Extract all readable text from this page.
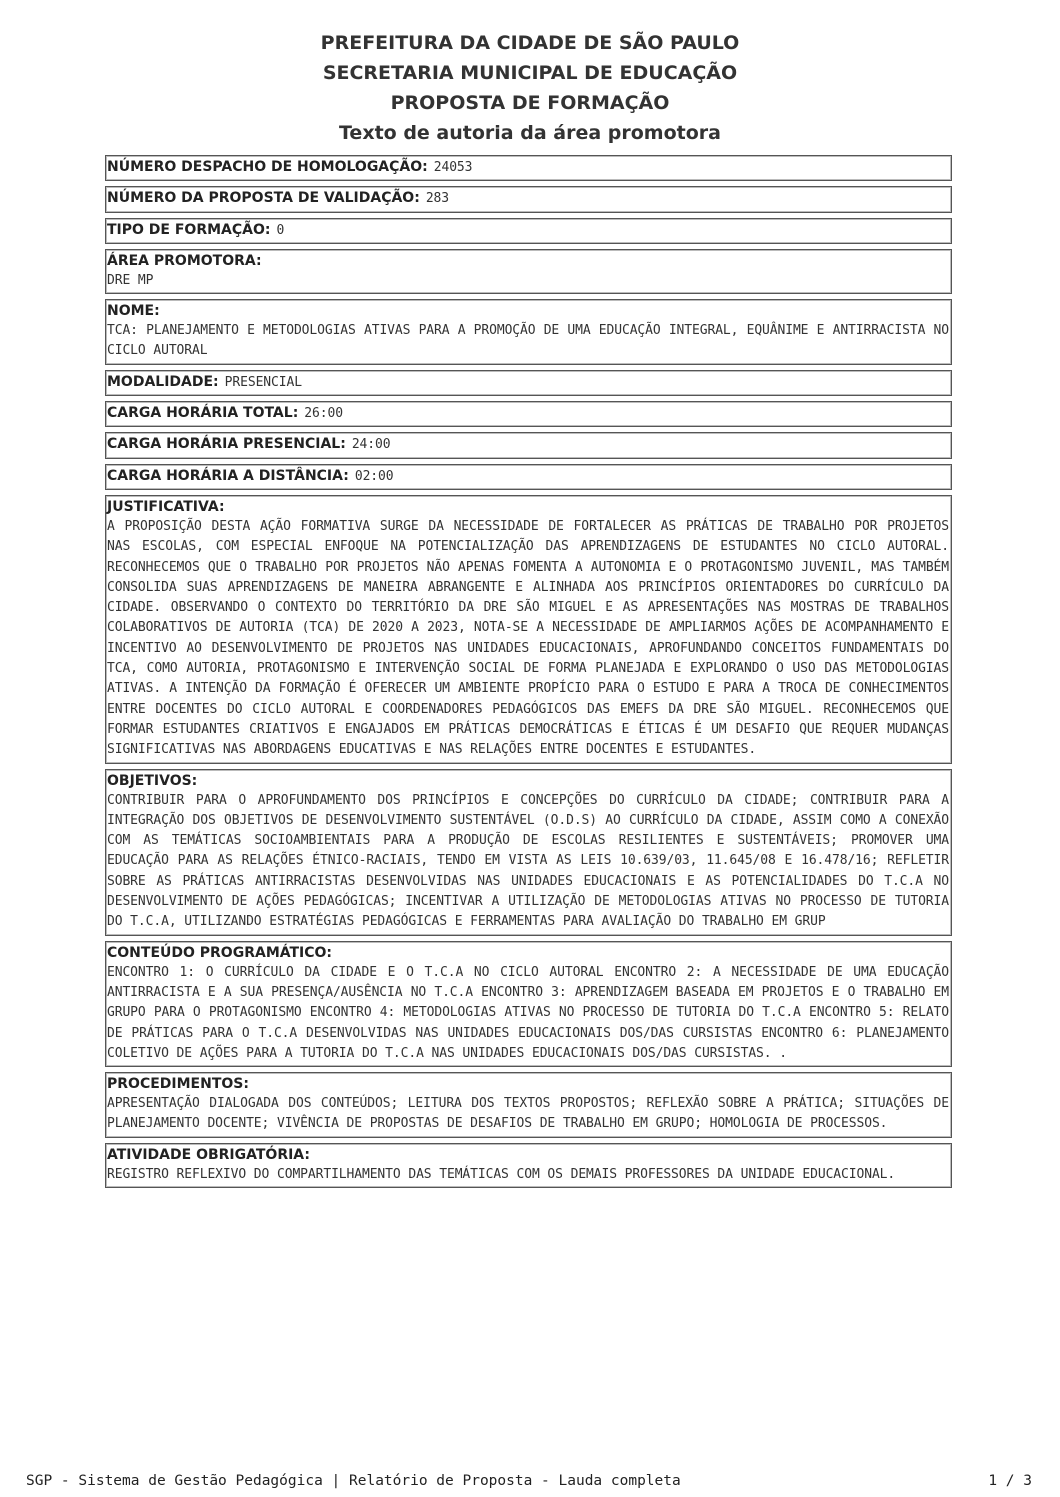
PREFEITURA DA CIDADE DE SÃO PAULO
SECRETARIA MUNICIPAL DE EDUCAÇÃO
PROPOSTA DE FORMAÇÃO
Texto de autoria da área promotora
NÚMERO DESPACHO DE HOMOLOGAÇÃO: 24053
NÚMERO DA PROPOSTA DE VALIDAÇÃO: 283
TIPO DE FORMAÇÃO: 0
ÁREA PROMOTORA:
DRE MP
NOME:
TCA: PLANEJAMENTO E METODOLOGIAS ATIVAS PARA A PROMOÇÃO DE UMA EDUCAÇÃO INTEGRAL, EQUÂNIME E ANTIRRACISTA NO CICLO AUTORAL
MODALIDADE: PRESENCIAL
CARGA HORÁRIA TOTAL: 26:00
CARGA HORÁRIA PRESENCIAL: 24:00
CARGA HORÁRIA A DISTÂNCIA: 02:00
JUSTIFICATIVA:
A PROPOSIÇÃO DESTA AÇÃO FORMATIVA SURGE DA NECESSIDADE DE FORTALECER AS PRÁTICAS DE TRABALHO POR PROJETOS NAS ESCOLAS, COM ESPECIAL ENFOQUE NA POTENCIALIZAÇÃO DAS APRENDIZAGENS DE ESTUDANTES NO CICLO AUTORAL. RECONHECEMOS QUE O TRABALHO POR PROJETOS NÃO APENAS FOMENTA A AUTONOMIA E O PROTAGONISMO JUVENIL, MAS TAMBÉM CONSOLIDA SUAS APRENDIZAGENS DE MANEIRA ABRANGENTE E ALINHADA AOS PRINCÍPIOS ORIENTADORES DO CURRÍCULO DA CIDADE. OBSERVANDO O CONTEXTO DO TERRITÓRIO DA DRE SÃO MIGUEL E AS APRESENTAÇÕES NAS MOSTRAS DE TRABALHOS COLABORATIVOS DE AUTORIA (TCA) DE 2020 A 2023, NOTA-SE A NECESSIDADE DE AMPLIARMOS AÇÕES DE ACOMPANHAMENTO E INCENTIVO AO DESENVOLVIMENTO DE PROJETOS NAS UNIDADES EDUCACIONAIS, APROFUNDANDO CONCEITOS FUNDAMENTAIS DO TCA, COMO AUTORIA, PROTAGONISMO E INTERVENÇÃO SOCIAL DE FORMA PLANEJADA E EXPLORANDO O USO DAS METODOLOGIAS ATIVAS. A INTENÇÃO DA FORMAÇÃO É OFERECER UM AMBIENTE PROPÍCIO PARA O ESTUDO E PARA A TROCA DE CONHECIMENTOS ENTRE DOCENTES DO CICLO AUTORAL E COORDENADORES PEDAGÓGICOS DAS EMEFS DA DRE SÃO MIGUEL. RECONHECEMOS QUE FORMAR ESTUDANTES CRIATIVOS E ENGAJADOS EM PRÁTICAS DEMOCRÁTICAS E ÉTICAS É UM DESAFIO QUE REQUER MUDANÇAS SIGNIFICATIVAS NAS ABORDAGENS EDUCATIVAS E NAS RELAÇÕES ENTRE DOCENTES E ESTUDANTES.
OBJETIVOS:
CONTRIBUIR PARA O APROFUNDAMENTO DOS PRINCÍPIOS E CONCEPÇÕES DO CURRÍCULO DA CIDADE; CONTRIBUIR PARA A INTEGRAÇÃO DOS OBJETIVOS DE DESENVOLVIMENTO SUSTENTÁVEL (O.D.S) AO CURRÍCULO DA CIDADE, ASSIM COMO A CONEXÃO COM AS TEMÁTICAS SOCIOAMBIENTAIS PARA A PRODUÇÃO DE ESCOLAS RESILIENTES E SUSTENTÁVEIS; PROMOVER UMA EDUCAÇÃO PARA AS RELAÇÕES ÉTNICO-RACIAIS, TENDO EM VISTA AS LEIS 10.639/03, 11.645/08 E 16.478/16; REFLETIR SOBRE AS PRÁTICAS ANTIRRACISTAS DESENVOLVIDAS NAS UNIDADES EDUCACIONAIS E AS POTENCIALIDADES DO T.C.A NO DESENVOLVIMENTO DE AÇÕES PEDAGÓGICAS; INCENTIVAR A UTILIZAÇÃO DE METODOLOGIAS ATIVAS NO PROCESSO DE TUTORIA DO T.C.A, UTILIZANDO ESTRATÉGIAS PEDAGÓGICAS E FERRAMENTAS PARA AVALIAÇÃO DO TRABALHO EM GRUP
CONTEÚDO PROGRAMÁTICO:
ENCONTRO 1: O CURRÍCULO DA CIDADE E O T.C.A NO CICLO AUTORAL ENCONTRO 2: A NECESSIDADE DE UMA EDUCAÇÃO ANTIRRACISTA E A SUA PRESENÇA/AUSÊNCIA NO T.C.A ENCONTRO 3: APRENDIZAGEM BASEADA EM PROJETOS E O TRABALHO EM GRUPO PARA O PROTAGONISMO ENCONTRO 4: METODOLOGIAS ATIVAS NO PROCESSO DE TUTORIA DO T.C.A ENCONTRO 5: RELATO DE PRÁTICAS PARA O T.C.A DESENVOLVIDAS NAS UNIDADES EDUCACIONAIS DOS/DAS CURSISTAS ENCONTRO 6: PLANEJAMENTO COLETIVO DE AÇÕES PARA A TUTORIA DO T.C.A NAS UNIDADES EDUCACIONAIS DOS/DAS CURSISTAS. .
PROCEDIMENTOS:
APRESENTAÇÃO DIALOGADA DOS CONTEÚDOS; LEITURA DOS TEXTOS PROPOSTOS; REFLEXÃO SOBRE A PRÁTICA; SITUAÇÕES DE PLANEJAMENTO DOCENTE; VIVÊNCIA DE PROPOSTAS DE DESAFIOS DE TRABALHO EM GRUPO; HOMOLOGIA DE PROCESSOS.
ATIVIDADE OBRIGATÓRIA:
REGISTRO REFLEXIVO DO COMPARTILHAMENTO DAS TEMÁTICAS COM OS DEMAIS PROFESSORES DA UNIDADE EDUCACIONAL.
SGP - Sistema de Gestão Pedagógica | Relatório de Proposta - Lauda completa	1 / 3
